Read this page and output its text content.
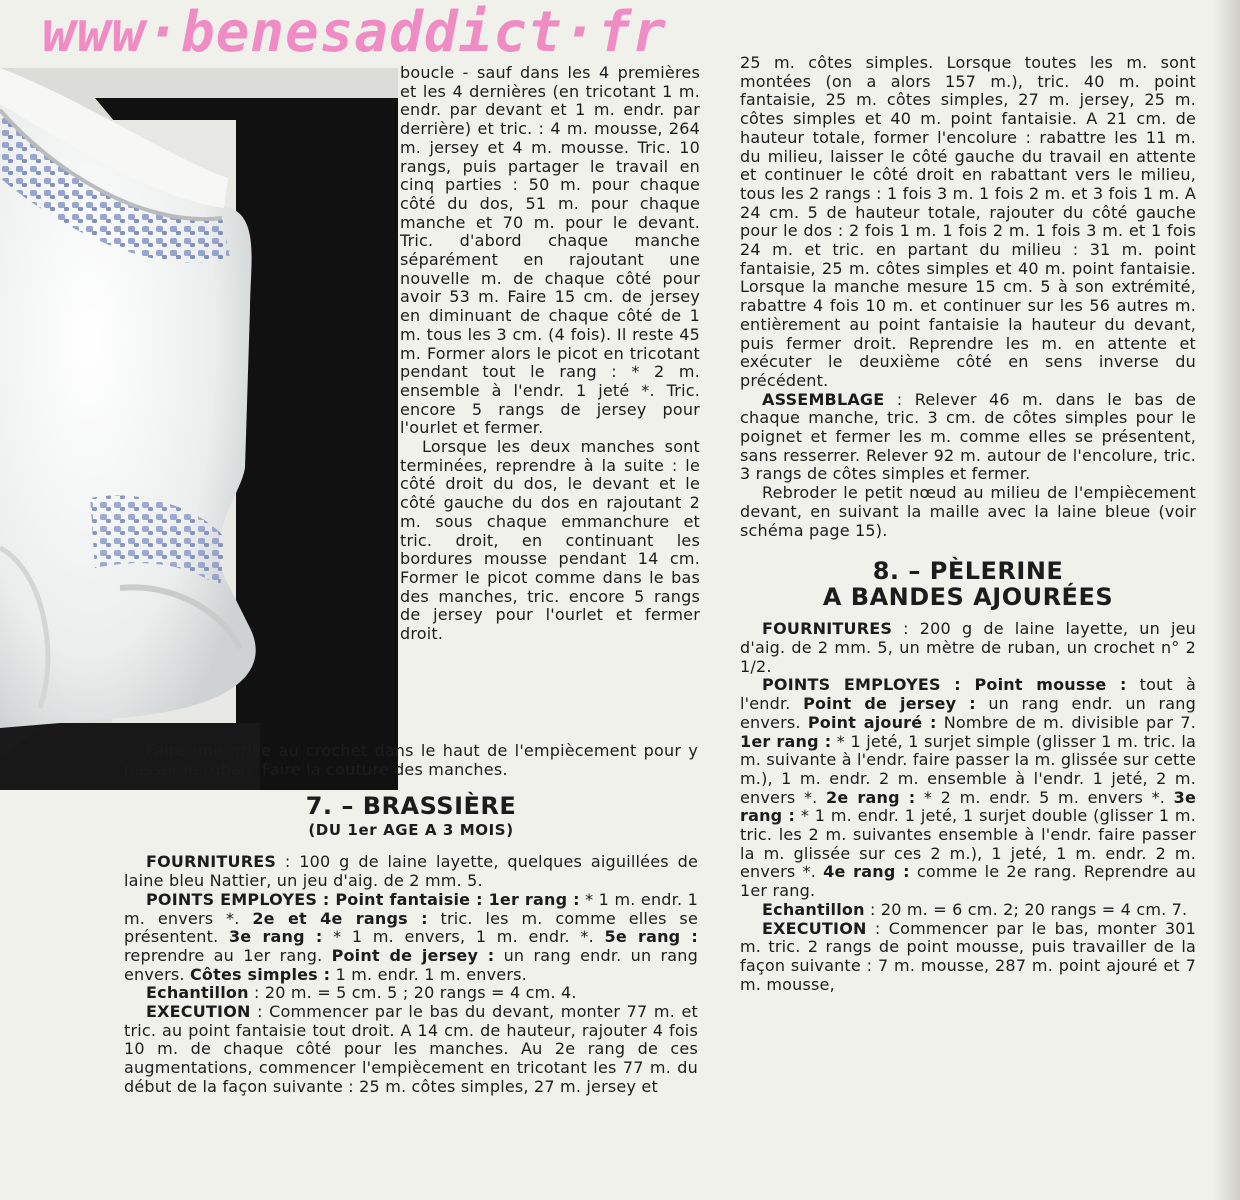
www·benesaddict·fr

boucle - sauf dans les 4 premières et les 4 dernières (en tricotant 1 m. endr. par devant et 1 m. endr. par derrière) et tric. : 4 m. mousse, 264 m. jersey et 4 m. mousse. Tric. 10 rangs, puis partager le travail en cinq parties : 50 m. pour chaque côté du dos, 51 m. pour chaque manche et 70 m. pour le devant. Tric. d'abord chaque manche séparément en rajoutant une nouvelle m. de chaque côté pour avoir 53 m. Faire 15 cm. de jersey en diminuant de chaque côté de 1 m. tous les 3 cm. (4 fois). Il reste 45 m. Former alors le picot en tricotant pendant tout le rang : * 2 m. ensemble à l'endr. 1 jeté *. Tric. encore 5 rangs de jersey pour l'ourlet et fermer.

Lorsque les deux manches sont terminées, reprendre à la suite : le côté droit du dos, le devant et le côté gauche du dos en rajoutant 2 m. sous chaque emmanchure et tric. droit, en continuant les bordures mousse pendant 14 cm. Former le picot comme dans le bas des manches, tric. encore 5 rangs de jersey pour l'ourlet et fermer droit.

Faire une grille au crochet dans le haut de l'empiècement pour y passer le ruban. Faire la couture des manches.

7. – BRASSIÈRE
(DU 1er AGE A 3 MOIS)

FOURNITURES : 100 g de laine layette, quelques aiguillées de laine bleu Nattier, un jeu d'aig. de 2 mm. 5.

POINTS EMPLOYES : Point fantaisie : 1er rang : * 1 m. endr. 1 m. envers *. 2e et 4e rangs : tric. les m. comme elles se présentent. 3e rang : * 1 m. envers, 1 m. endr. *. 5e rang : reprendre au 1er rang. Point de jersey : un rang endr. un rang envers. Côtes simples : 1 m. endr. 1 m. envers.

Echantillon : 20 m. = 5 cm. 5 ; 20 rangs = 4 cm. 4.

EXECUTION : Commencer par le bas du devant, monter 77 m. et tric. au point fantaisie tout droit. A 14 cm. de hauteur, rajouter 4 fois 10 m. de chaque côté pour les manches. Au 2e rang de ces augmentations, commencer l'empiècement en tricotant les 77 m. du début de la façon suivante : 25 m. côtes simples, 27 m. jersey et

25 m. côtes simples. Lorsque toutes les m. sont montées (on a alors 157 m.), tric. 40 m. point fantaisie, 25 m. côtes simples, 27 m. jersey, 25 m. côtes simples et 40 m. point fantaisie. A 21 cm. de hauteur totale, former l'encolure : rabattre les 11 m. du milieu, laisser le côté gauche du travail en attente et continuer le côté droit en rabattant vers le milieu, tous les 2 rangs : 1 fois 3 m. 1 fois 2 m. et 3 fois 1 m. A 24 cm. 5 de hauteur totale, rajouter du côté gauche pour le dos : 2 fois 1 m. 1 fois 2 m. 1 fois 3 m. et 1 fois 24 m. et tric. en partant du milieu : 31 m. point fantaisie, 25 m. côtes simples et 40 m. point fantaisie. Lorsque la manche mesure 15 cm. 5 à son extrémité, rabattre 4 fois 10 m. et continuer sur les 56 autres m. entièrement au point fantaisie la hauteur du devant, puis fermer droit. Reprendre les m. en attente et exécuter le deuxième côté en sens inverse du précédent.

ASSEMBLAGE : Relever 46 m. dans le bas de chaque manche, tric. 3 cm. de côtes simples pour le poignet et fermer les m. comme elles se présentent, sans resserrer. Relever 92 m. autour de l'encolure, tric. 3 rangs de côtes simples et fermer.

Rebroder le petit nœud au milieu de l'empiècement devant, en suivant la maille avec la laine bleue (voir schéma page 15).

8. – PÈLERINE
A BANDES AJOURÉES

FOURNITURES : 200 g de laine layette, un jeu d'aig. de 2 mm. 5, un mètre de ruban, un crochet n° 2 1/2.

POINTS EMPLOYES : Point mousse : tout à l'endr. Point de jersey : un rang endr. un rang envers. Point ajouré : Nombre de m. divisible par 7. 1er rang : * 1 jeté, 1 surjet simple (glisser 1 m. tric. la m. suivante à l'endr. faire passer la m. glissée sur cette m.), 1 m. endr. 2 m. ensemble à l'endr. 1 jeté, 2 m. envers *. 2e rang : * 2 m. endr. 5 m. envers *. 3e rang : * 1 m. endr. 1 jeté, 1 surjet double (glisser 1 m. tric. les 2 m. suivantes ensemble à l'endr. faire passer la m. glissée sur ces 2 m.), 1 jeté, 1 m. endr. 2 m. envers *. 4e rang : comme le 2e rang. Reprendre au 1er rang.

Echantillon : 20 m. = 6 cm. 2; 20 rangs = 4 cm. 7.

EXECUTION : Commencer par le bas, monter 301 m. tric. 2 rangs de point mousse, puis travailler de la façon suivante : 7 m. mousse, 287 m. point ajouré et 7 m. mousse,
